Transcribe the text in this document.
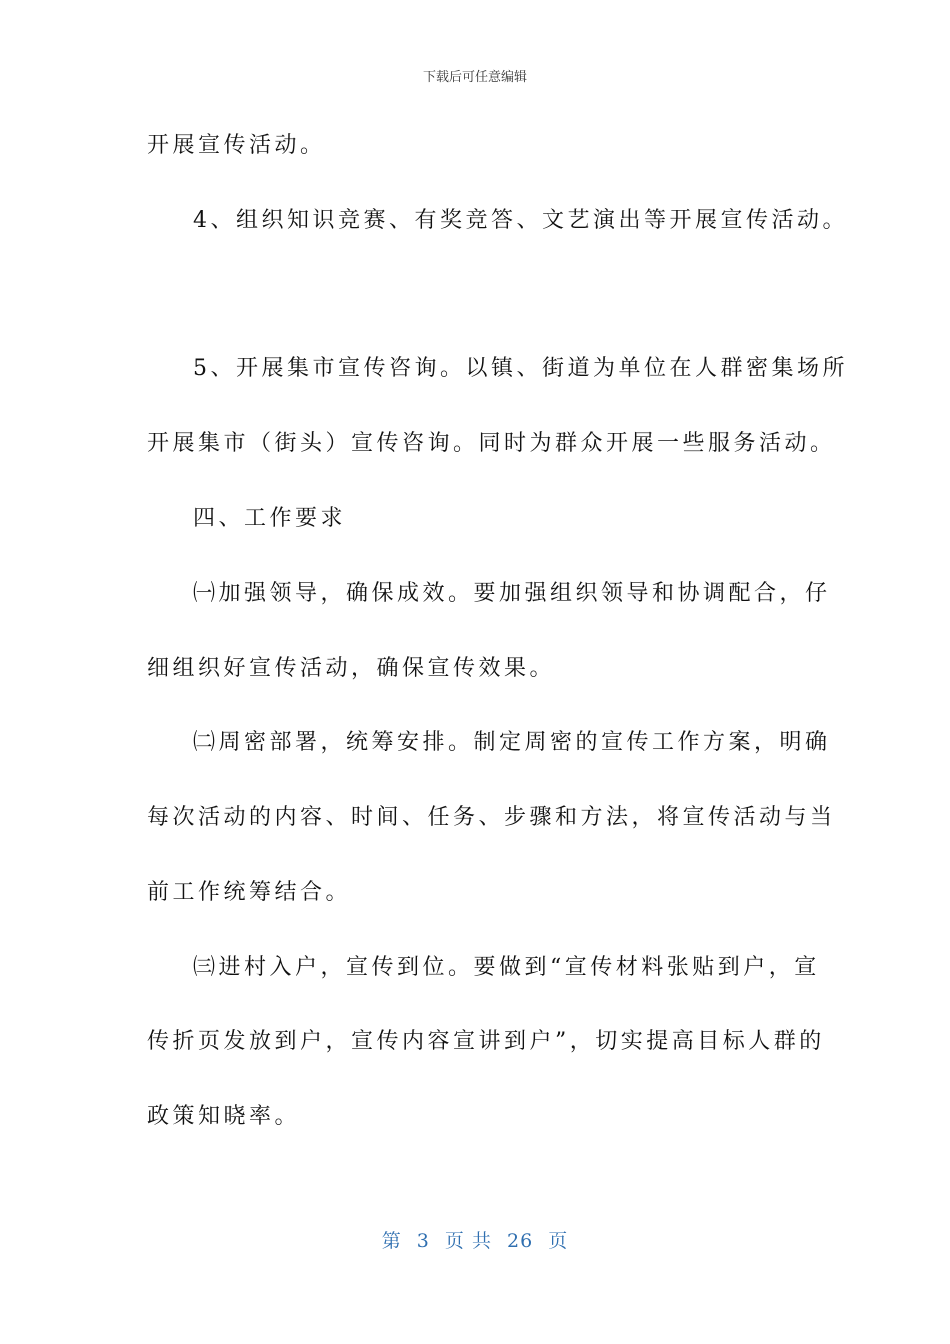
下载后可任意编辑
开展宣传活动。
4、组织知识竞赛、有奖竞答、文艺演出等开展宣传活动。
5、开展集市宣传咨询。以镇、街道为单位在人群密集场所
开展集市（街头）宣传咨询。同时为群众开展一些服务活动。
四、工作要求
㈠加强领导，确保成效。要加强组织领导和协调配合，仔
细组织好宣传活动，确保宣传效果。
㈡周密部署，统筹安排。制定周密的宣传工作方案，明确
每次活动的内容、时间、任务、步骤和方法，将宣传活动与当
前工作统筹结合。
㈢进村入户，宣传到位。要做到“宣传材料张贴到户，宣
传折页发放到户，宣传内容宣讲到户”，切实提高目标人群的
政策知晓率。
第 3 页 共 26 页
